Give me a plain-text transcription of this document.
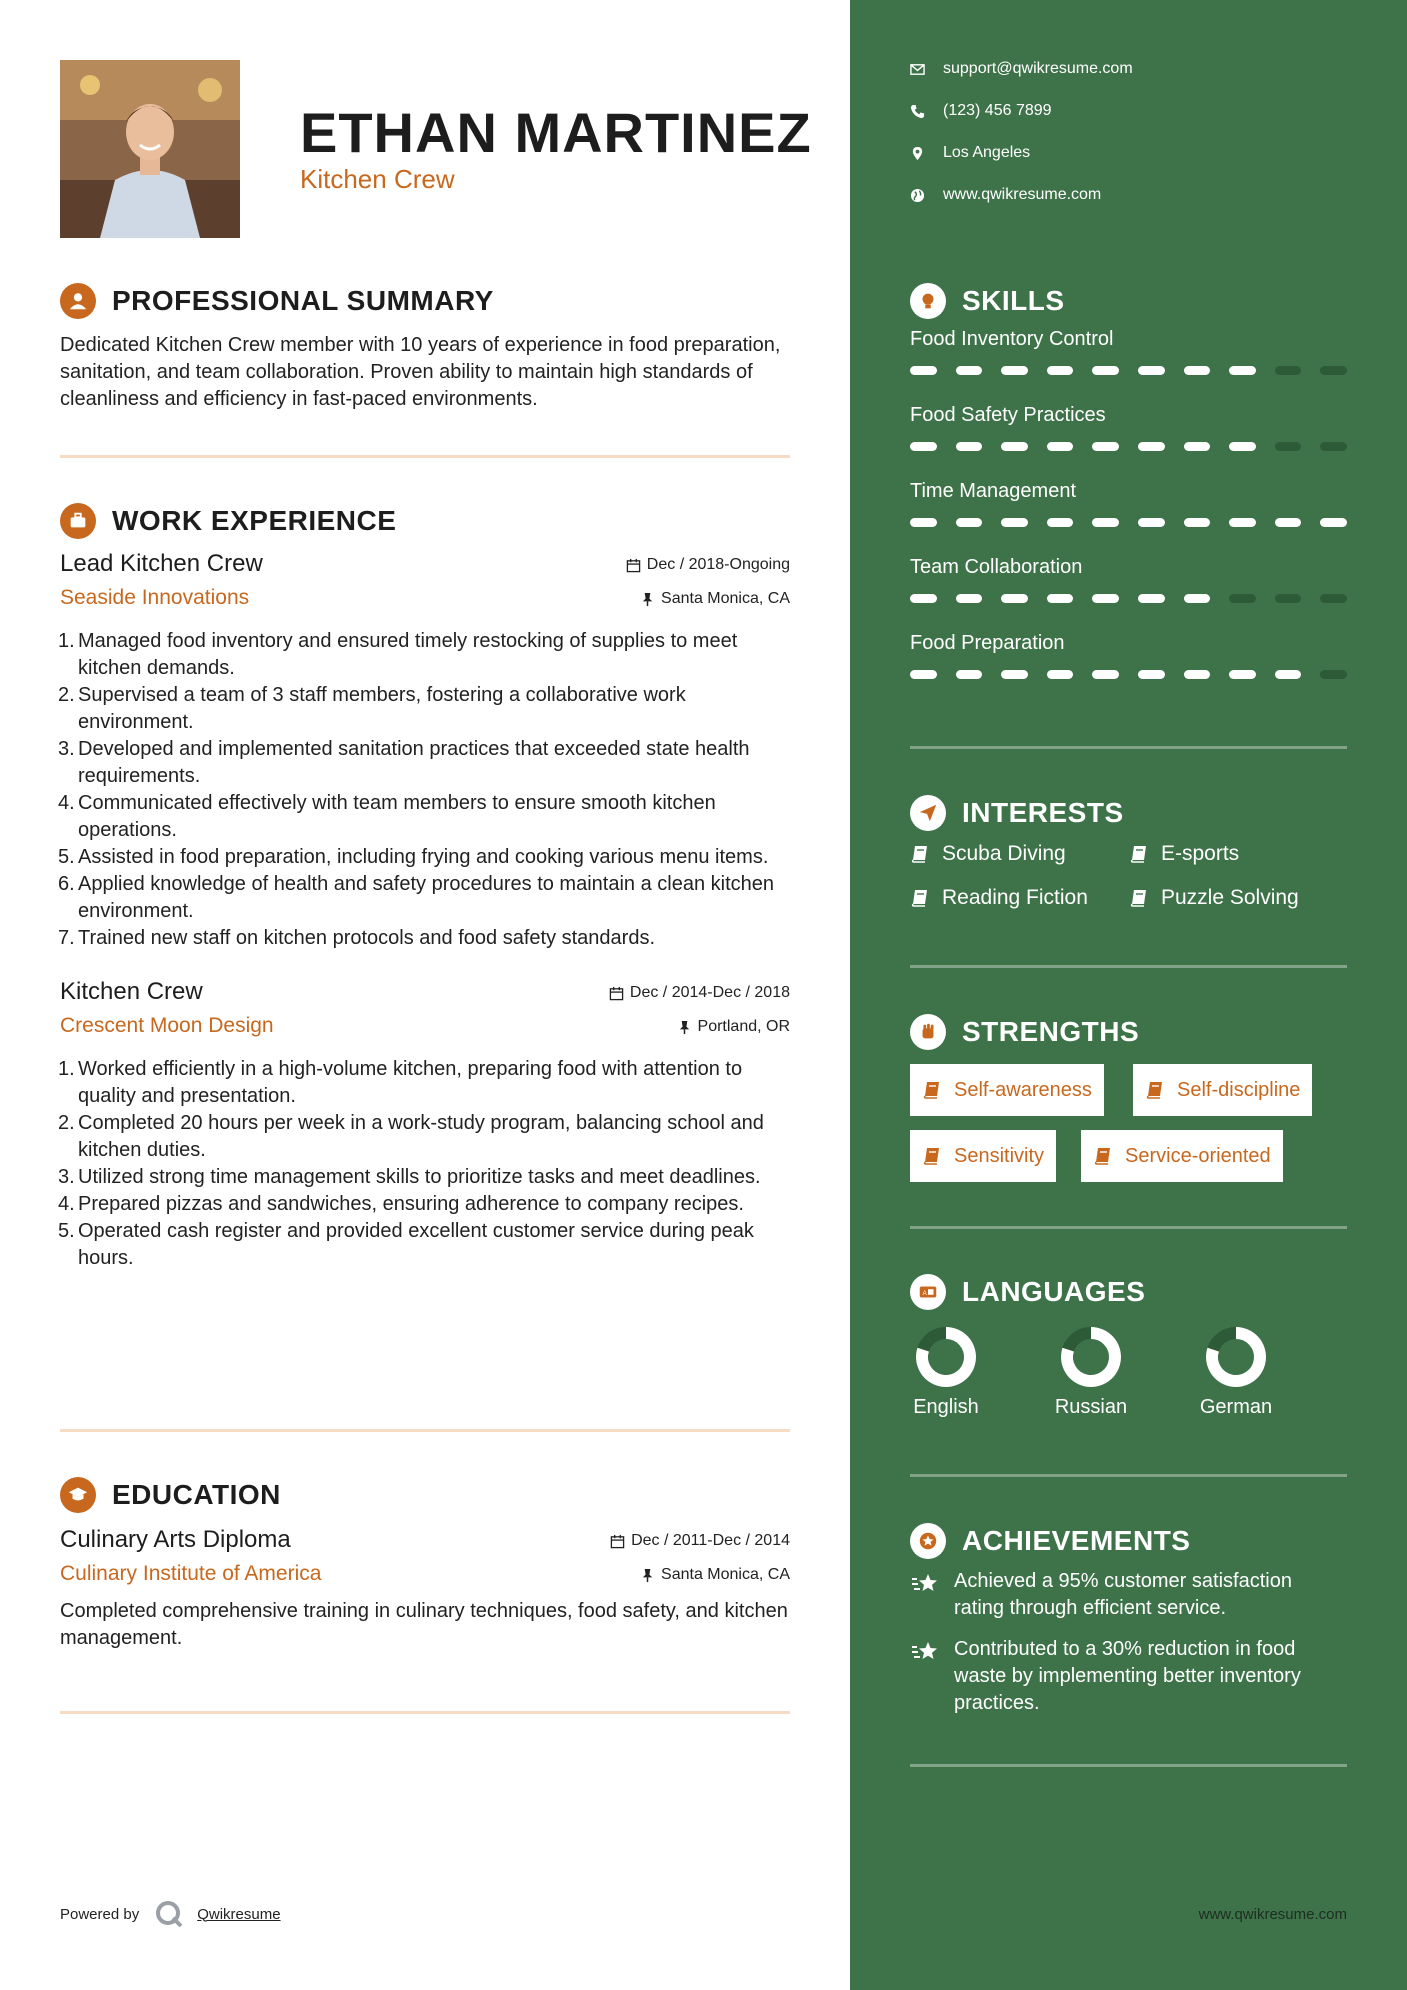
ETHAN MARTINEZ
Kitchen Crew
PROFESSIONAL SUMMARY
Dedicated Kitchen Crew member with 10 years of experience in food preparation, sanitation, and team collaboration. Proven ability to maintain high standards of cleanliness and efficiency in fast-paced environments.
WORK EXPERIENCE
Lead Kitchen Crew	Dec / 2018-Ongoing
Seaside Innovations	Santa Monica, CA
1. Managed food inventory and ensured timely restocking of supplies to meet kitchen demands.
2. Supervised a team of 3 staff members, fostering a collaborative work environment.
3. Developed and implemented sanitation practices that exceeded state health requirements.
4. Communicated effectively with team members to ensure smooth kitchen operations.
5. Assisted in food preparation, including frying and cooking various menu items.
6. Applied knowledge of health and safety procedures to maintain a clean kitchen environment.
7. Trained new staff on kitchen protocols and food safety standards.
Kitchen Crew	Dec / 2014-Dec / 2018
Crescent Moon Design	Portland, OR
1. Worked efficiently in a high-volume kitchen, preparing food with attention to quality and presentation.
2. Completed 20 hours per week in a work-study program, balancing school and kitchen duties.
3. Utilized strong time management skills to prioritize tasks and meet deadlines.
4. Prepared pizzas and sandwiches, ensuring adherence to company recipes.
5. Operated cash register and provided excellent customer service during peak hours.
EDUCATION
Culinary Arts Diploma	Dec / 2011-Dec / 2014
Culinary Institute of America	Santa Monica, CA
Completed comprehensive training in culinary techniques, food safety, and kitchen management.
Powered by	Qwikresume
support@qwikresume.com
(123) 456 7899
Los Angeles
www.qwikresume.com
SKILLS
Food Inventory Control
Food Safety Practices
Time Management
Team Collaboration
Food Preparation
INTERESTS
Scuba Diving	E-sports
Reading Fiction	Puzzle Solving
STRENGTHS
Self-awareness	Self-discipline
Sensitivity	Service-oriented
A LANGUAGES
English	Russian	German
ACHIEVEMENTS
Achieved a 95% customer satisfaction rating through efficient service.
Contributed to a 30% reduction in food waste by implementing better inventory practices.
www.qwikresume.com
